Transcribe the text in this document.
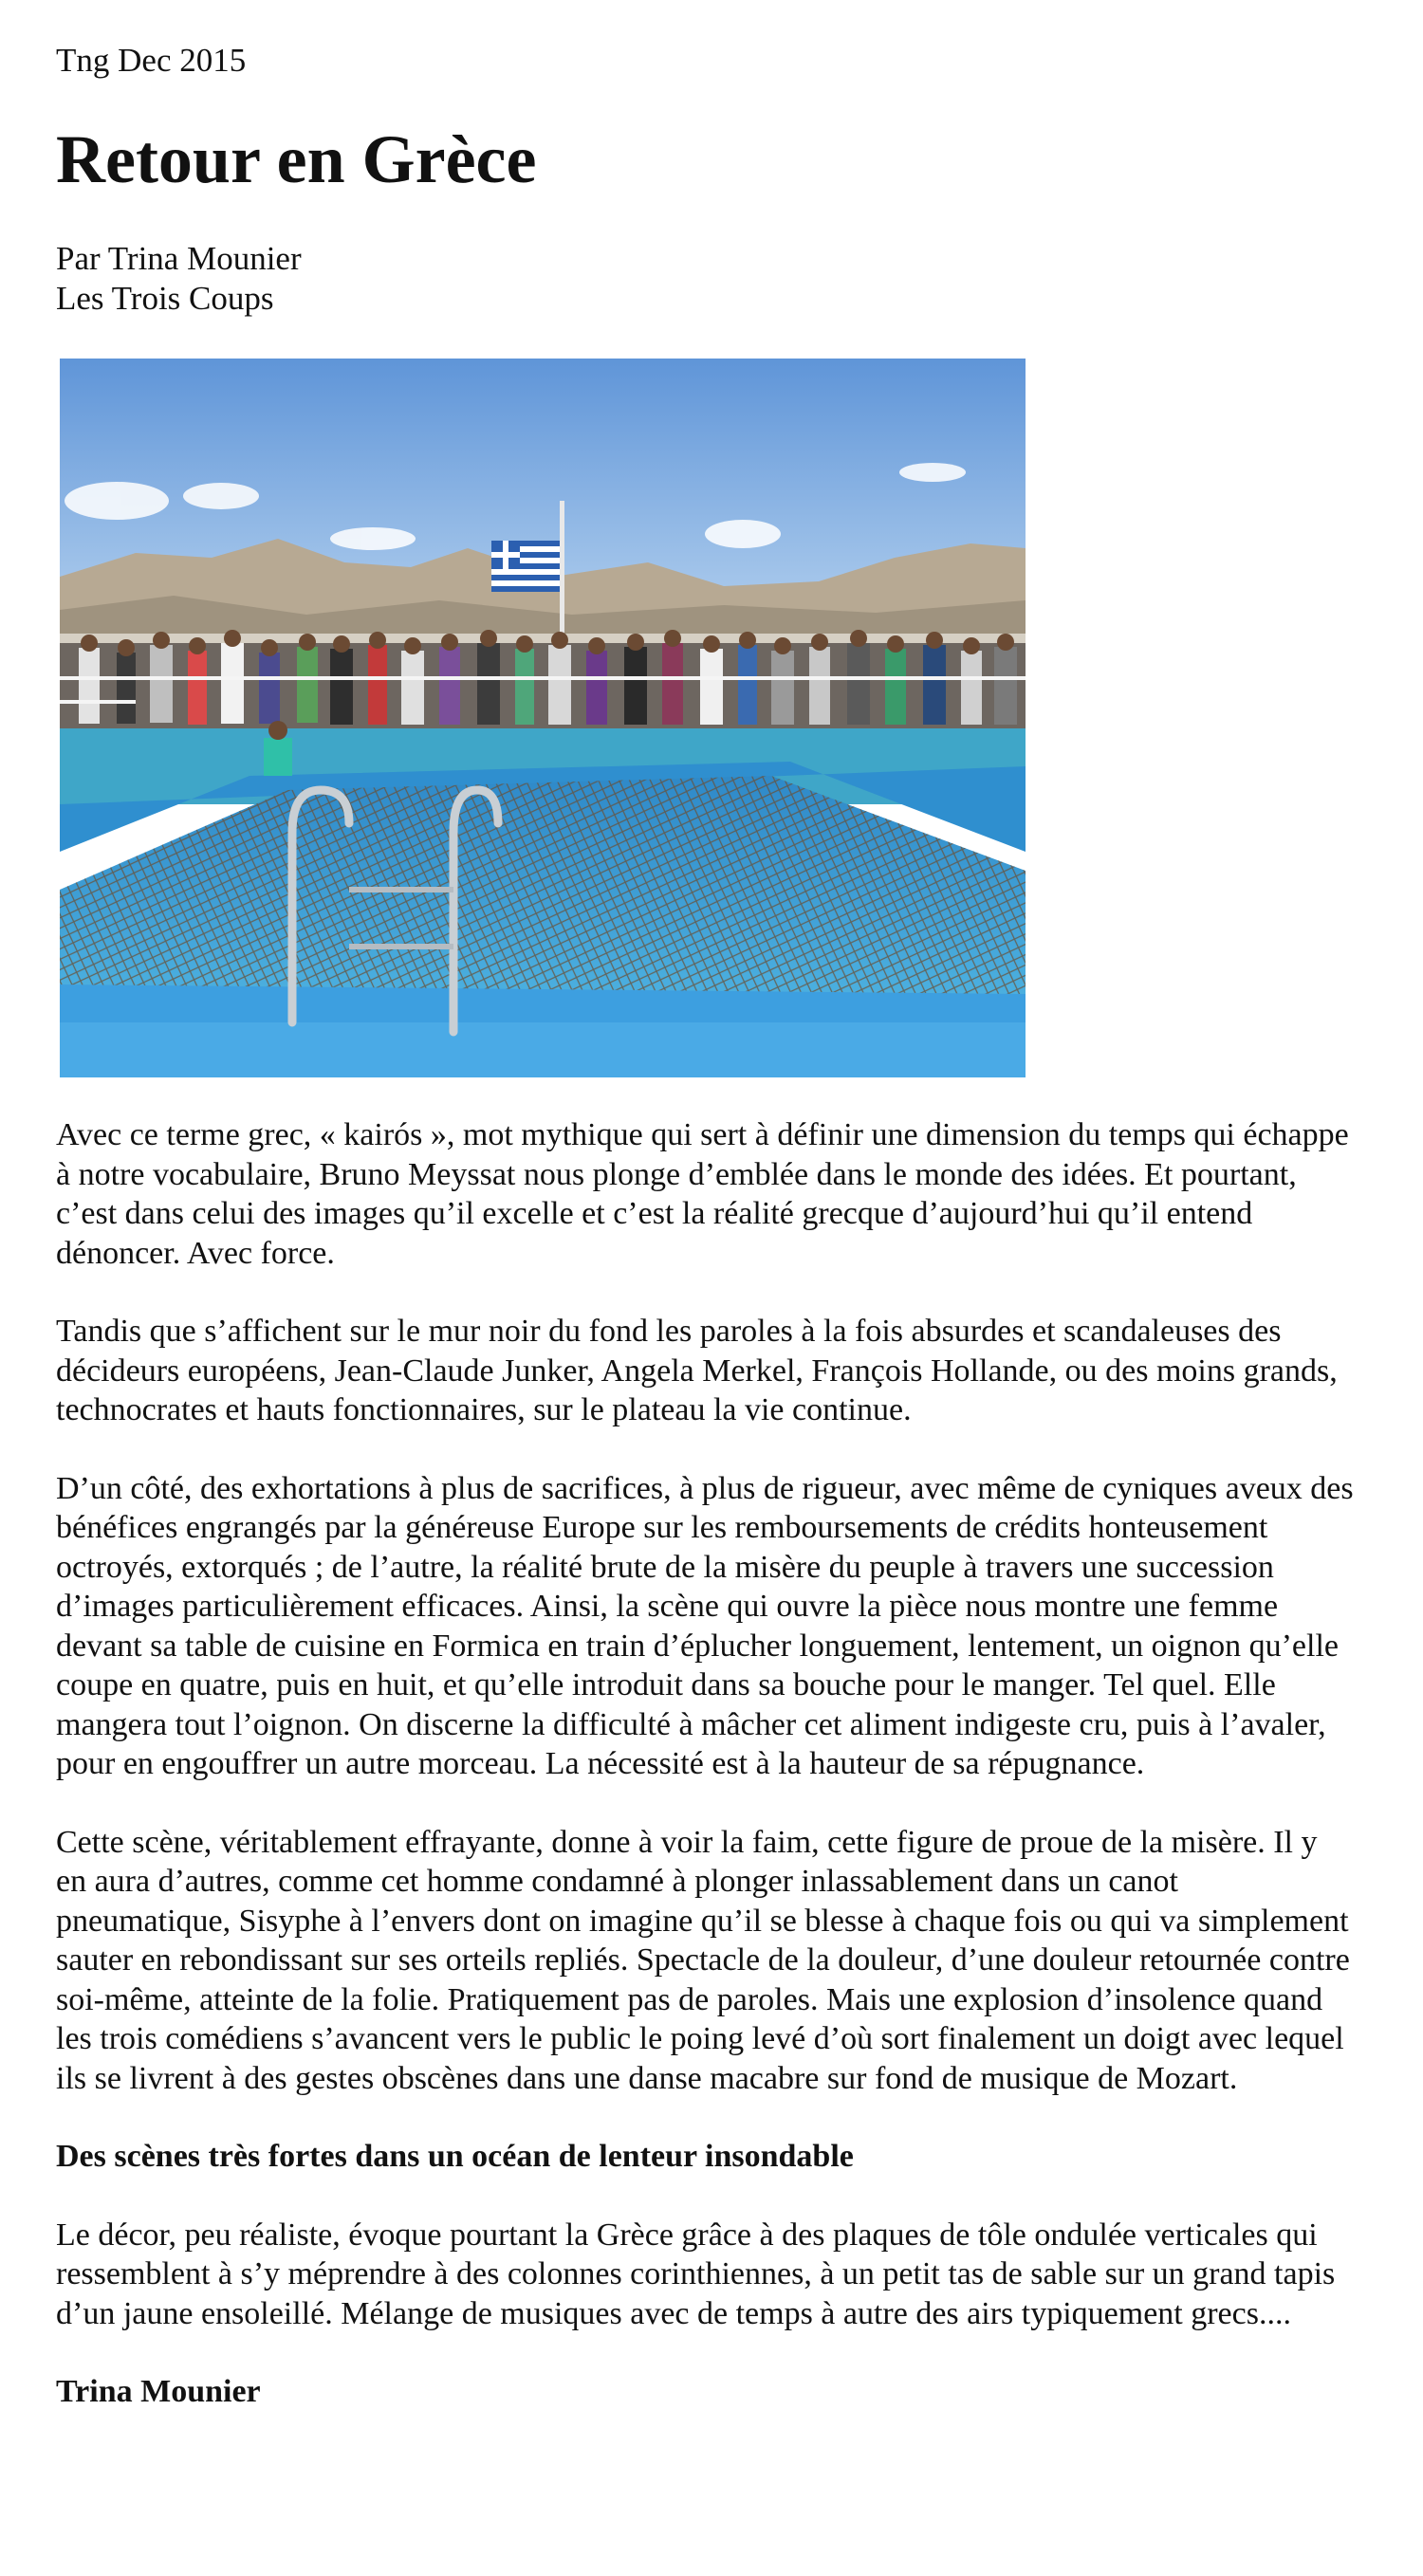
Tng Dec 2015
Retour en Grèce
Par Trina Mounier
Les Trois Coups

Avec ce terme grec, « kairós », mot mythique qui sert à définir une dimension du temps qui échappe à notre vocabulaire, Bruno Meyssat nous plonge d’emblée dans le monde des idées. Et pourtant, c’est dans celui des images qu’il excelle et c’est la réalité grecque d’aujourd’hui qu’il entend dénoncer. Avec force.

Tandis que s’affichent sur le mur noir du fond les paroles à la fois absurdes et scandaleuses des décideurs européens, Jean-Claude Junker, Angela Merkel, François Hollande, ou des moins grands, technocrates et hauts fonctionnaires, sur le plateau la vie continue.

D’un côté, des exhortations à plus de sacrifices, à plus de rigueur, avec même de cyniques aveux des bénéfices engrangés par la généreuse Europe sur les remboursements de crédits honteusement octroyés, extorqués ; de l’autre, la réalité brute de la misère du peuple à travers une succession d’images particulièrement efficaces. Ainsi, la scène qui ouvre la pièce nous montre une femme devant sa table de cuisine en Formica en train d’éplucher longuement, lentement, un oignon qu’elle coupe en quatre, puis en huit, et qu’elle introduit dans sa bouche pour le manger. Tel quel. Elle mangera tout l’oignon. On discerne la difficulté à mâcher cet aliment indigeste cru, puis à l’avaler, pour en engouffrer un autre morceau. La nécessité est à la hauteur de sa répugnance.

Cette scène, véritablement effrayante, donne à voir la faim, cette figure de proue de la misère. Il y en aura d’autres, comme cet homme condamné à plonger inlassablement dans un canot pneumatique, Sisyphe à l’envers dont on imagine qu’il se blesse à chaque fois ou qui va simplement sauter en rebondissant sur ses orteils repliés. Spectacle de la douleur, d’une douleur retournée contre soi-même, atteinte de la folie. Pratiquement pas de paroles. Mais une explosion d’insolence quand les trois comédiens s’avancent vers le public le poing levé d’où sort finalement un doigt avec lequel ils se livrent à des gestes obscènes dans une danse macabre sur fond de musique de Mozart.

Des scènes très fortes dans un océan de lenteur insondable

Le décor, peu réaliste, évoque pourtant la Grèce grâce à des plaques de tôle ondulée verticales qui ressemblent à s’y méprendre à des colonnes corinthiennes, à un petit tas de sable sur un grand tapis d’un jaune ensoleillé. Mélange de musiques avec de temps à autre des airs typiquement grecs....

Trina Mounier
